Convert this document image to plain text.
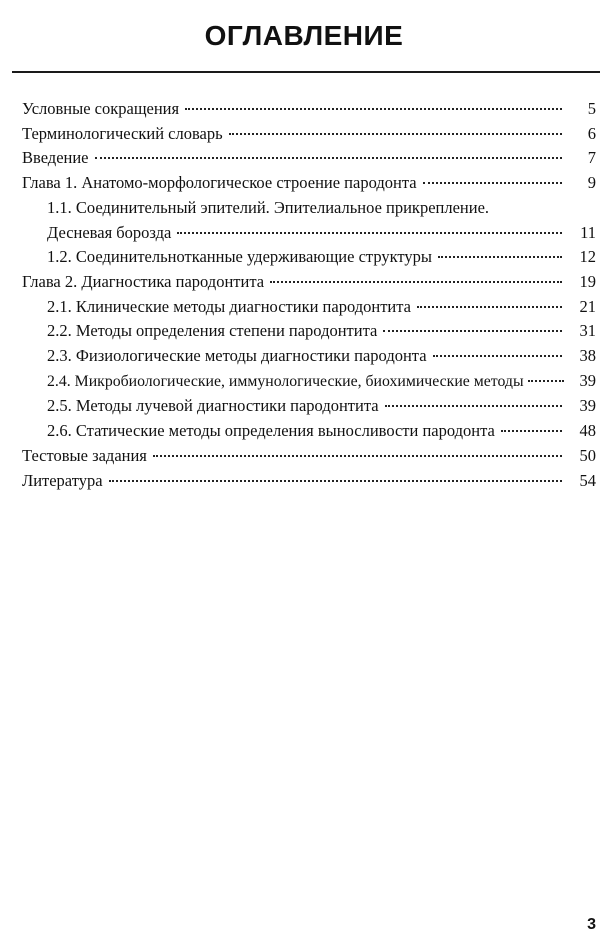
ОГЛАВЛЕНИЕ
Условные сокращения	5
Терминологический словарь	6
Введение	7
Глава 1. Анатомо-морфологическое строение пародонта	9
1.1. Соединительный эпителий. Эпителиальное прикрепление.
Десневая борозда	11
1.2. Соединительнотканные удерживающие структуры	12
Глава 2. Диагностика пародонтита	19
2.1. Клинические методы диагностики пародонтита	21
2.2. Методы определения степени пародонтита	31
2.3. Физиологические методы диагностики пародонта	38
2.4. Микробиологические, иммунологические, биохимические методы	39
2.5. Методы лучевой диагностики пародонтита	39
2.6. Статические методы определения выносливости пародонта	48
Тестовые задания	50
Литература	54
3
